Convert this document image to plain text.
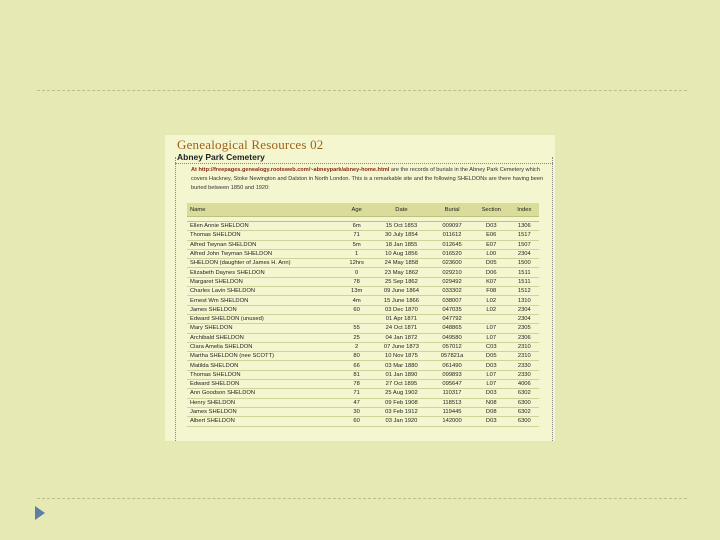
Genealogical Resources 02
Abney Park Cemetery
At http://freepages.genealogy.rootsweb.com/~abneypark/abney-home.html are the records of burials in the Abney Park Cemetery which covers Hackney, Stoke Newington and Dalston in North London. This is a remarkable site and the following SHELDONs are there having been buried between 1850 and 1920:
Name	Age	Date	Burial	Section	Index

Ellen Annie SHELDON	6m	15 Oct 1853	009097	D03	1306
Thomas SHELDON	71	30 July 1854	011612	E06	1517
Alfred Twynan SHELDON	5m	18 Jan 1855	012645	E07	1507
Alfred John Twyman SHELDON	1	10 Aug 1856	016520	L00	2304
SHELDON (daughter of James H. Ann)	12hrs	24 May 1858	023600	D05	1500
Elizabeth Daynes SHELDON	0	23 May 1862	029210	D06	1511
Margaret SHELDON	78	25 Sep 1862	029492	K07	1511
Charles Lavin SHELDON	13m	09 June 1864	033302	F08	1512
Ernest Wm SHELDON	4m	15 June 1866	038007	L02	1310
James SHELDON	60	03 Dec 1870	047035	L02	2304
Edward SHELDON (unused)		01 Apr 1871	047792		2304
Mary SHELDON	55	24 Oct 1871	048865	L07	2305
Archibald SHELDON	25	04 Jan 1872	049580	L07	2306
Clara Amelia SHELDON	2	07 June 1873	057012	C03	2310
Martha SHELDON (nee SCOTT)	80	10 Nov 1875	057821a	D05	2310
Matilda SHELDON	66	03 Mar 1880	061490	D03	2330
Thomas SHELDON	81	01 Jan 1890	099893	L07	2330
Edward SHELDON	78	27 Oct 1895	095647	L07	4006
Ann Goodson SHELDON	71	25 Aug 1902	110317	D03	6302
Henry SHELDON	47	09 Feb 1908	118513	N08	6300
James SHELDON	30	03 Feb 1912	119445	D08	6302
Albert SHELDON	60	03 Jan 1920	142000	D03	6300
